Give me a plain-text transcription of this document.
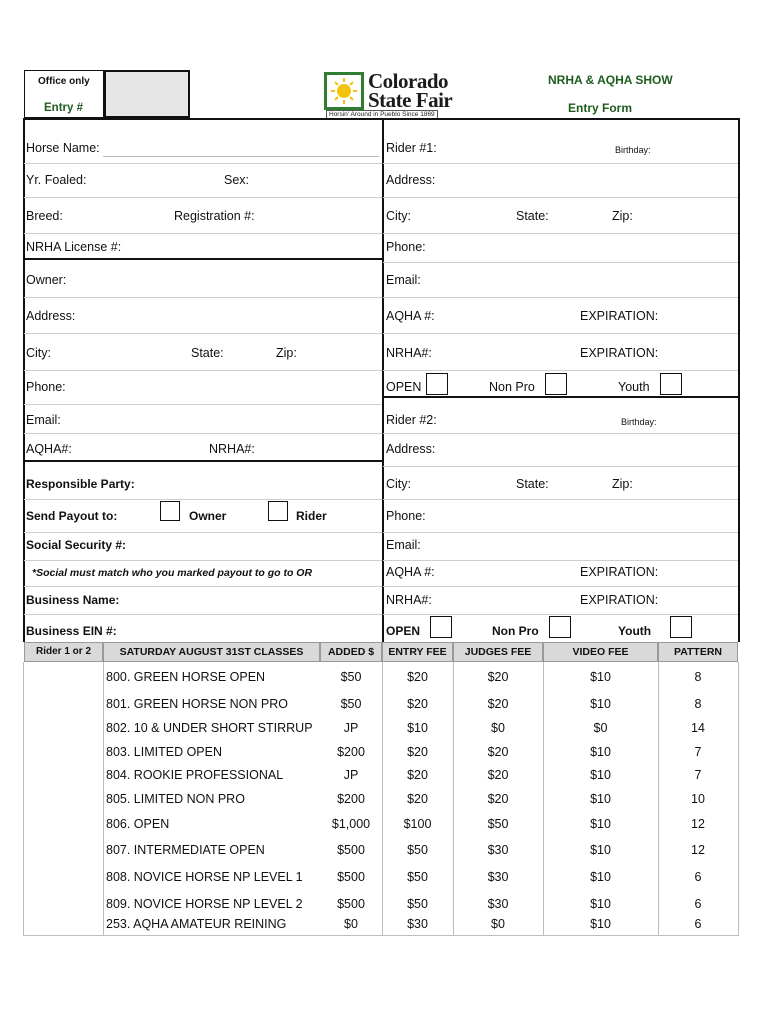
Office only
Entry #
Colorado
State Fair
Horsin' Around in Pueblo Since 1869
NRHA & AQHA SHOW
Entry Form
Horse Name:
Yr. Foaled:	Sex:
Breed:	Registration #:
NRHA License #:
Owner:
Address:
City:	State:	Zip:
Phone:
Email:
AQHA#:	NRHA#:
Responsible Party:
Send Payout to:	Owner	Rider
Social Security #:
*Social must match who you marked payout to go to OR
Business Name:
Business EIN #:
Rider #1:	Birthday:
Address:
City:	State:	Zip:
Phone:
Email:
AQHA #:	EXPIRATION:
NRHA#:	EXPIRATION:
OPEN	Non Pro	Youth
Rider #2:	Birthday:
Address:
City:	State:	Zip:
Phone:
Email:
AQHA #:	EXPIRATION:
NRHA#:	EXPIRATION:
OPEN	Non Pro	Youth
Rider 1 or 2	SATURDAY AUGUST 31ST CLASSES	ADDED $	ENTRY FEE	JUDGES FEE	VIDEO FEE	PATTERN
800. GREEN HORSE OPEN	$50	$20	$20	$10	8
801. GREEN HORSE NON PRO	$50	$20	$20	$10	8
802. 10 & UNDER SHORT STIRRUP	JP	$10	$0	$0	14
803. LIMITED OPEN	$200	$20	$20	$10	7
804. ROOKIE PROFESSIONAL	JP	$20	$20	$10	7
805. LIMITED NON PRO	$200	$20	$20	$10	10
806. OPEN	$1,000	$100	$50	$10	12
807. INTERMEDIATE OPEN	$500	$50	$30	$10	12
808. NOVICE HORSE NP LEVEL 1	$500	$50	$30	$10	6
809. NOVICE HORSE NP LEVEL 2	$500	$50	$30	$10	6
253. AQHA AMATEUR REINING	$0	$30	$0	$10	6
